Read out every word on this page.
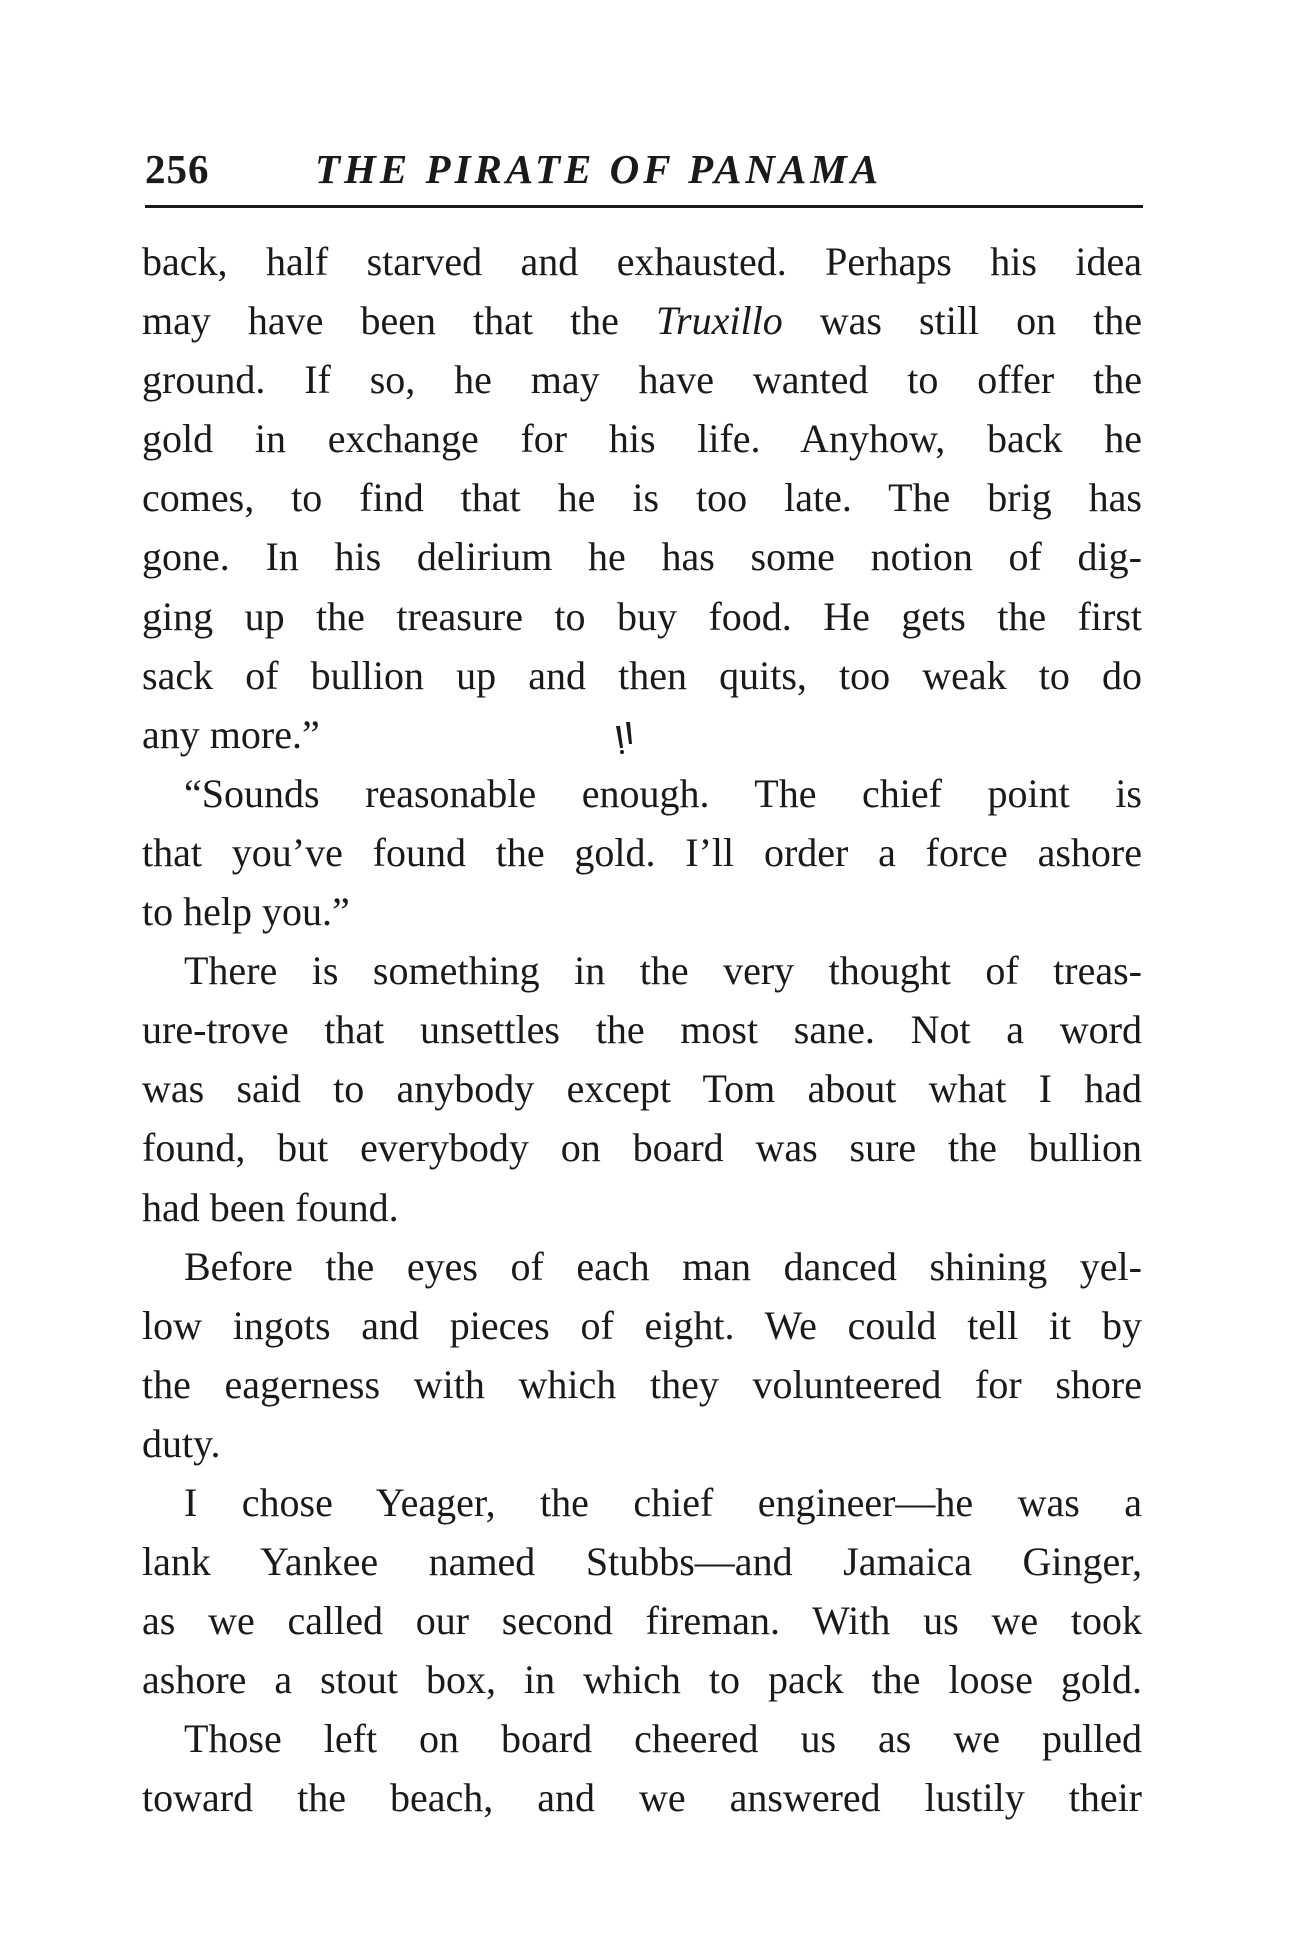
256	THE PIRATE OF PANAMA
back, half starved and exhausted. Perhaps his idea
may have been that the Truxillo was still on the
ground. If so, he may have wanted to offer the
gold in exchange for his life. Anyhow, back he
comes, to find that he is too late. The brig has
gone. In his delirium he has some notion of dig-
ging up the treasure to buy food. He gets the first
sack of bullion up and then quits, too weak to do
any more.”
“Sounds reasonable enough. The chief point is
that you’ve found the gold. I’ll order a force ashore
to help you.”
There is something in the very thought of treas-
ure-trove that unsettles the most sane. Not a word
was said to anybody except Tom about what I had
found, but everybody on board was sure the bullion
had been found.
Before the eyes of each man danced shining yel-
low ingots and pieces of eight. We could tell it by
the eagerness with which they volunteered for shore
duty.
I chose Yeager, the chief engineer—he was a
lank Yankee named Stubbs—and Jamaica Ginger,
as we called our second fireman. With us we took
ashore a stout box, in which to pack the loose gold.
Those left on board cheered us as we pulled
toward the beach, and we answered lustily their
